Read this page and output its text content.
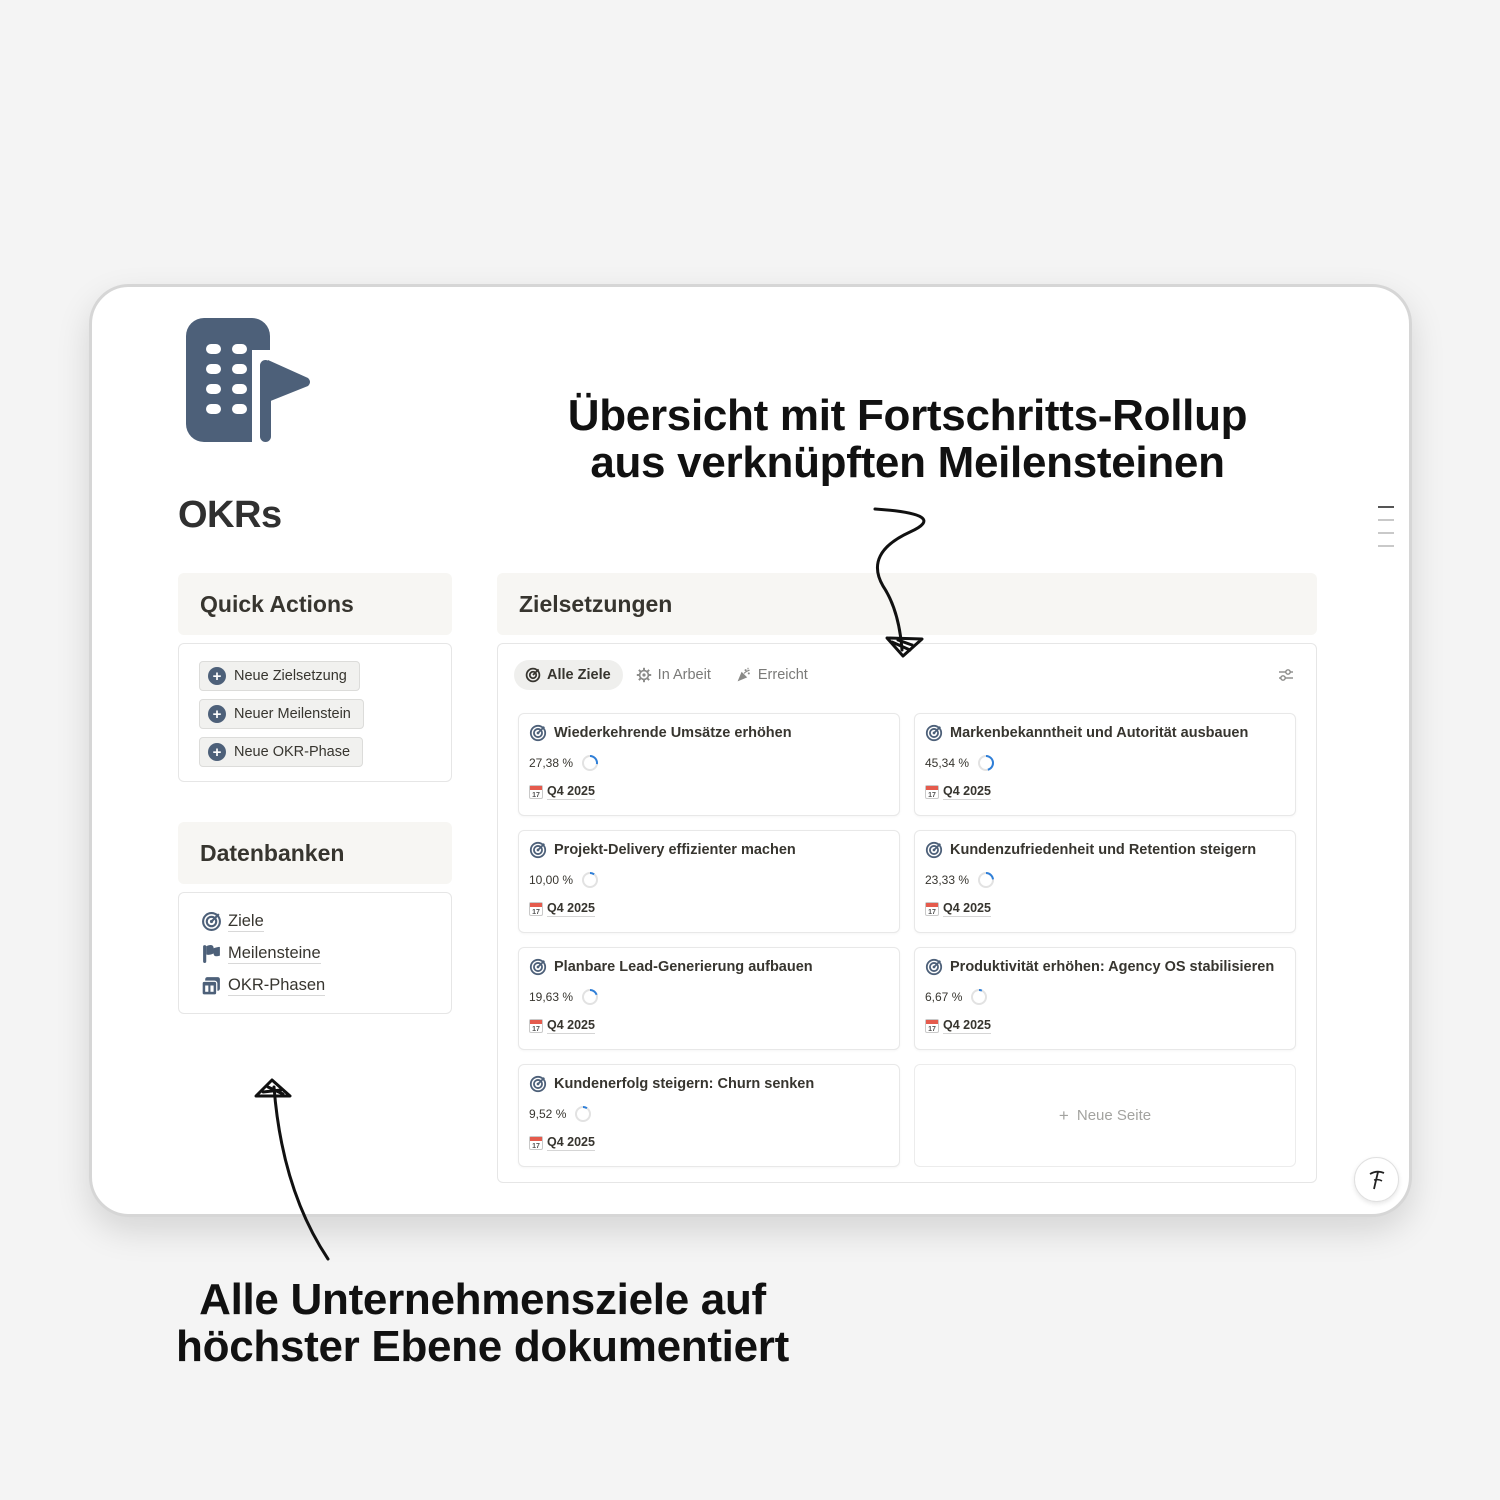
OKRs
Übersicht mit Fortschritts-Rollup
aus verknüpften Meilensteinen
Alle Unternehmensziele auf
höchster Ebene dokumentiert
Quick Actions
+ Neue Zielsetzung
+ Neuer Meilenstein
+ Neue OKR-Phase
Datenbanken
Ziele
Meilensteine
OKR-Phasen
Zielsetzungen
Alle Ziele	In Arbeit	Erreicht
Wiederkehrende Umsätze erhöhen
27,38 %
17 Q4 2025
Markenbekanntheit und Autorität ausbauen
45,34 %
17 Q4 2025
Projekt-Delivery effizienter machen
10,00 %
17 Q4 2025
Kundenzufriedenheit und Retention steigern
23,33 %
17 Q4 2025
Planbare Lead-Generierung aufbauen
19,63 %
17 Q4 2025
Produktivität erhöhen: Agency OS stabilisieren
6,67 %
17 Q4 2025
Kundenerfolg steigern: Churn senken
9,52 %
17 Q4 2025
+ Neue Seite
